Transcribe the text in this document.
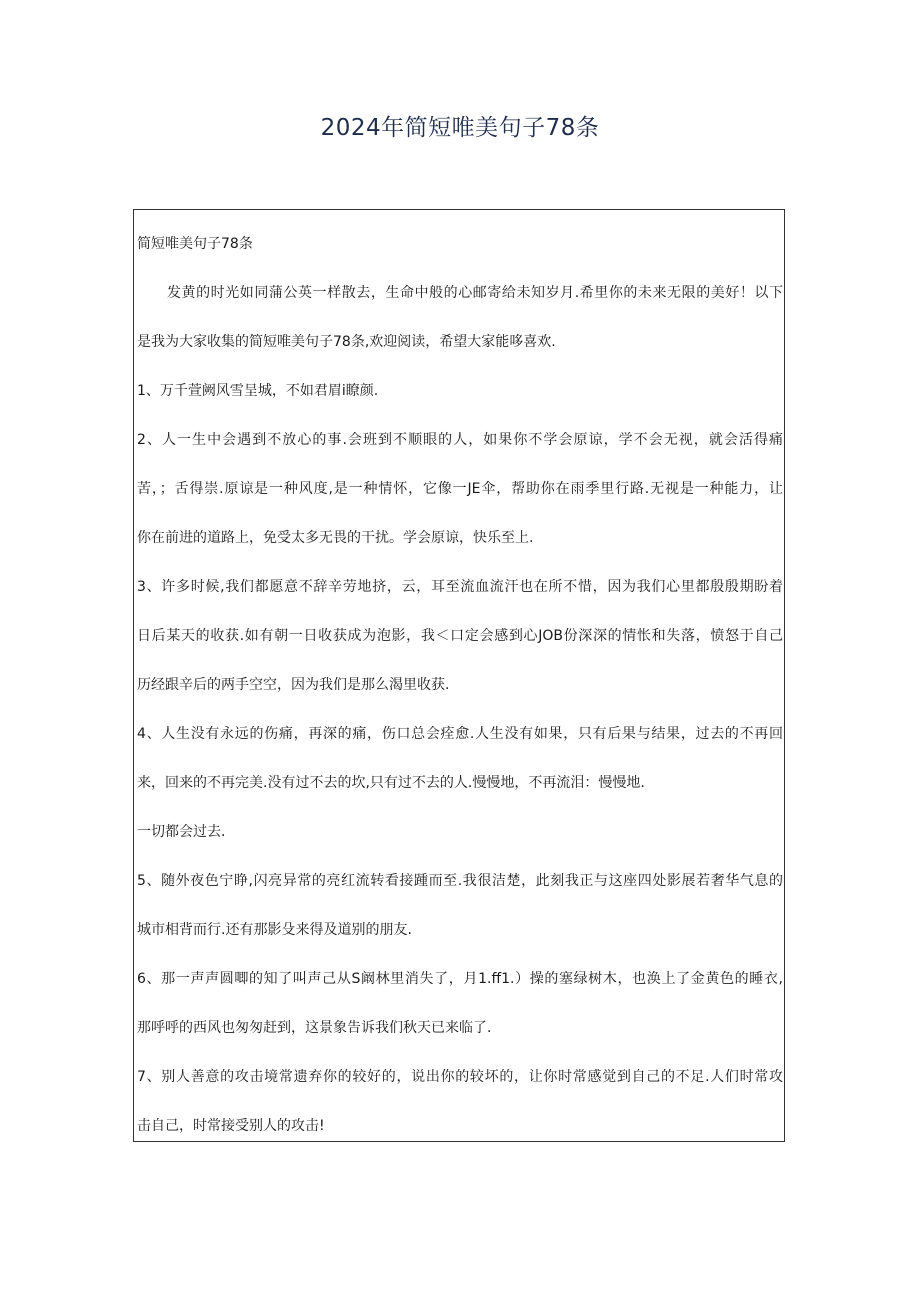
2024年简短唯美句子78条
简短唯美句子78条
发黄的时光如同蒲公英一样散去，生命中般的心邮寄给未知岁月.希里你的未来无限的美好！以下
是我为大家收集的简短唯美句子78条,欢迎阅读，希望大家能哆喜欢.
1、万千萱阙风雪呈城，不如君眉i瞭颜.
2、人一生中会遇到不放心的事.会班到不顺眼的人，如果你不学会原谅，学不会无视，就会活得痛
苦，；舌得崇.原谅是一种风度,是一种情怀，它像一JE伞，帮助你在雨季里行路.无视是一种能力，让
你在前进的道路上，免受太多无畏的干扰。学会原谅，快乐至上.
3、许多时候,我们都愿意不辞辛劳地挤，云，耳至流血流汗也在所不惜，因为我们心里都殷殷期盼着
日后某天的收获.如有朝一日收获成为泡影，我＜口定会感到心JOB份深深的情怅和失落，愤怒于自己
历经跟辛后的两手空空，因为我们是那么渴里收获.
4、人生没有永远的伤痛，再深的痛，伤口总会痊愈.人生没有如果，只有后果与结果，过去的不再回
来，回来的不再完美.没有过不去的坎,只有过不去的人.慢慢地，不再流泪：慢慢地.
一切都会过去.
5、随外夜色宁睁,闪亮异常的亮红流转看接踵而至.我很洁楚，此刻我正与这座四处影展若奢华气息的
城市相背而行.还有那影殳来得及道别的朋友.
6、那一声声圆唧的知了叫声己从S阚林里消失了，月1.ff1.）操的塞绿树木，也涣上了金黄色的睡衣,
那呼呼的西风也匆匆赶到，这景象告诉我们秋天已来临了.
7、别人善意的攻击境常遗弃你的较好的，说出你的较坏的，让你时常感觉到自己的不足.人们时常攻
击自己，时常接受别人的攻击!
